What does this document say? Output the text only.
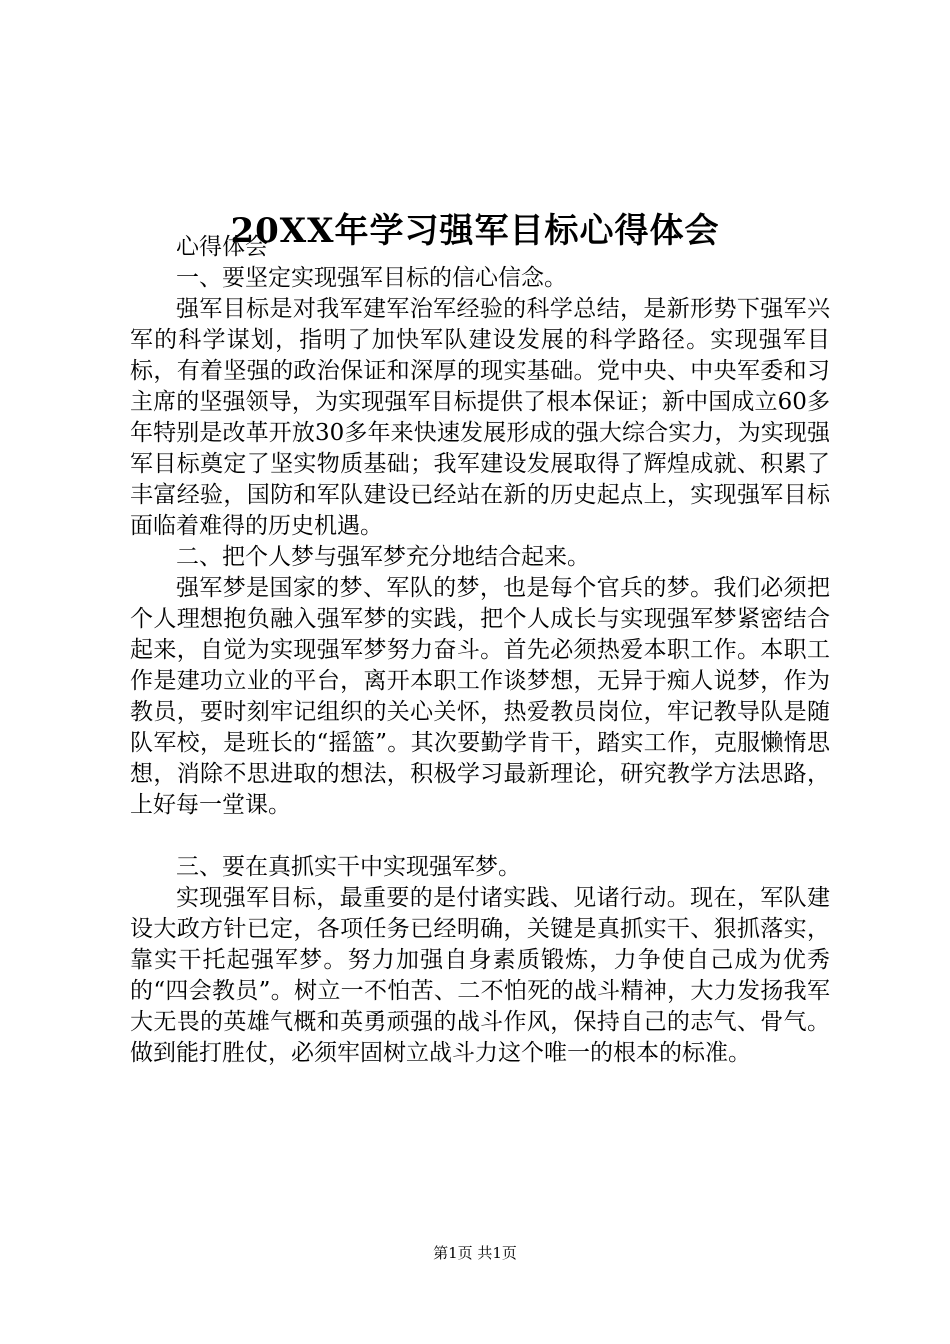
20XX年学习强军目标心得体会

心得体会

一、要坚定实现强军目标的信心信念。

强军目标是对我军建军治军经验的科学总结，是新形势下强军兴军的科学谋划，指明了加快军队建设发展的科学路径。实现强军目标，有着坚强的政治保证和深厚的现实基础。党中央、中央军委和习主席的坚强领导，为实现强军目标提供了根本保证；新中国成立60多年特别是改革开放30多年来快速发展形成的强大综合实力，为实现强军目标奠定了坚实物质基础；我军建设发展取得了辉煌成就、积累了丰富经验，国防和军队建设已经站在新的历史起点上，实现强军目标面临着难得的历史机遇。

二、把个人梦与强军梦充分地结合起来。

强军梦是国家的梦、军队的梦，也是每个官兵的梦。我们必须把个人理想抱负融入强军梦的实践，把个人成长与实现强军梦紧密结合起来，自觉为实现强军梦努力奋斗。首先必须热爱本职工作。本职工作是建功立业的平台，离开本职工作谈梦想，无异于痴人说梦，作为教员，要时刻牢记组织的关心关怀，热爱教员岗位，牢记教导队是随队军校，是班长的“摇篮”。其次要勤学肯干，踏实工作，克服懒惰思想，消除不思进取的想法，积极学习最新理论，研究教学方法思路，上好每一堂课。

三、要在真抓实干中实现强军梦。

实现强军目标，最重要的是付诸实践、见诸行动。现在，军队建设大政方针已定，各项任务已经明确，关键是真抓实干、狠抓落实，靠实干托起强军梦。努力加强自身素质锻炼，力争使自己成为优秀的“四会教员”。树立一不怕苦、二不怕死的战斗精神，大力发扬我军大无畏的英雄气概和英勇顽强的战斗作风，保持自己的志气、骨气。做到能打胜仗，必须牢固树立战斗力这个唯一的根本的标准。

第1页 共1页
